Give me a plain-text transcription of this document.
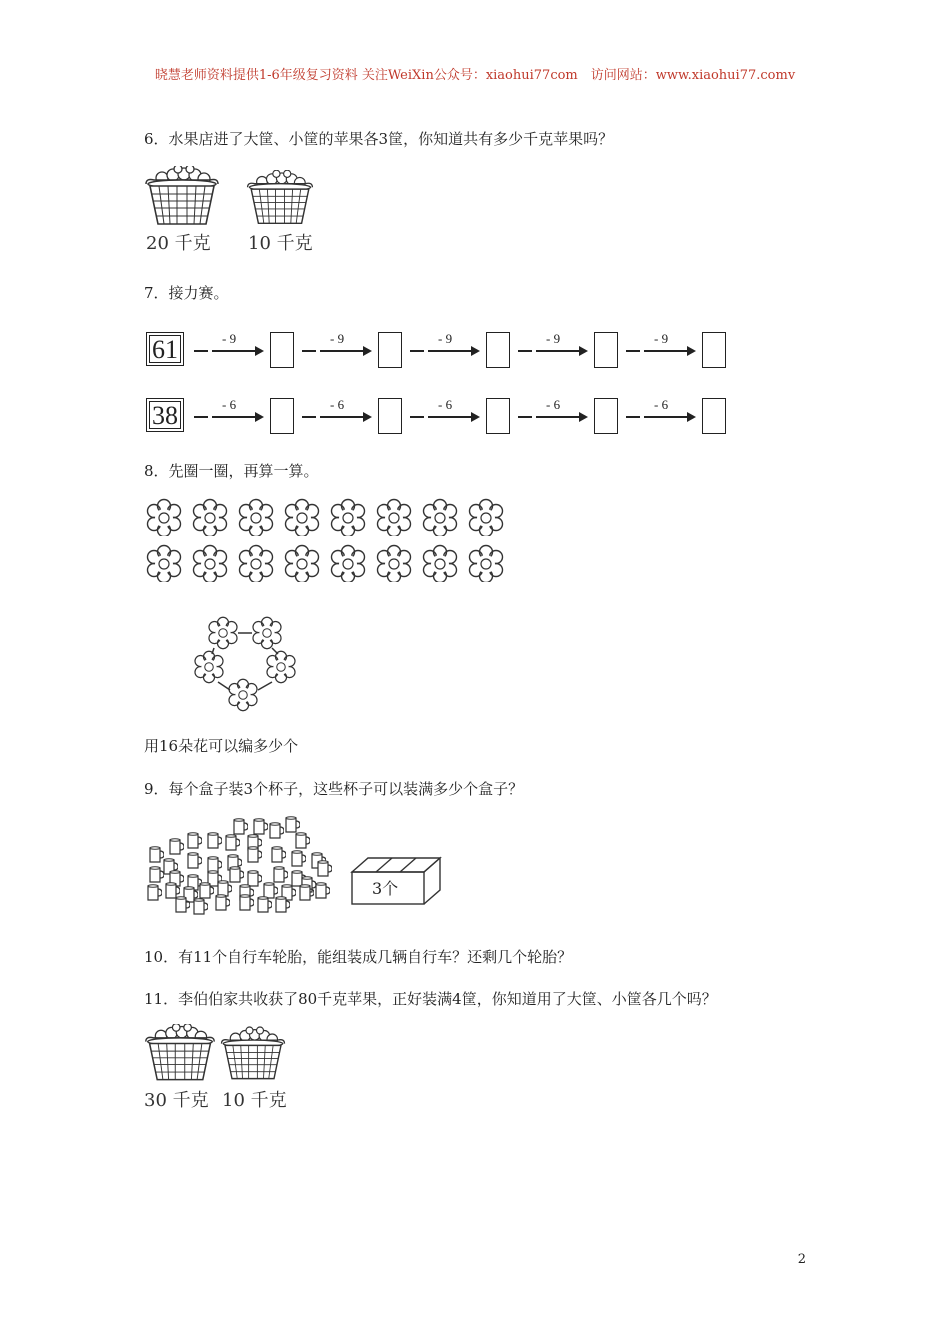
晓慧老师资料提供1-6年级复习资料 关注WeiXin公众号：xiaohui77com　访问网站：www.xiaohui77.comv
6．水果店进了大筐、小筐的苹果各3筐，你知道共有多少千克苹果吗？
20 千克 10 千克
7．接力赛。
61	- 9	- 9	- 9	- 9	- 9
38	- 6	- 6	- 6	- 6	- 6
8．先圈一圈，再算一算。
用16朵花可以编多少个
9．每个盒子装3个杯子，这些杯子可以装满多少个盒子？
3个
10．有11个自行车轮胎，能组装成几辆自行车？还剩几个轮胎？
11．李伯伯家共收获了80千克苹果，正好装满4筐，你知道用了大筐、小筐各几个吗？
30 千克 10 千克
2
